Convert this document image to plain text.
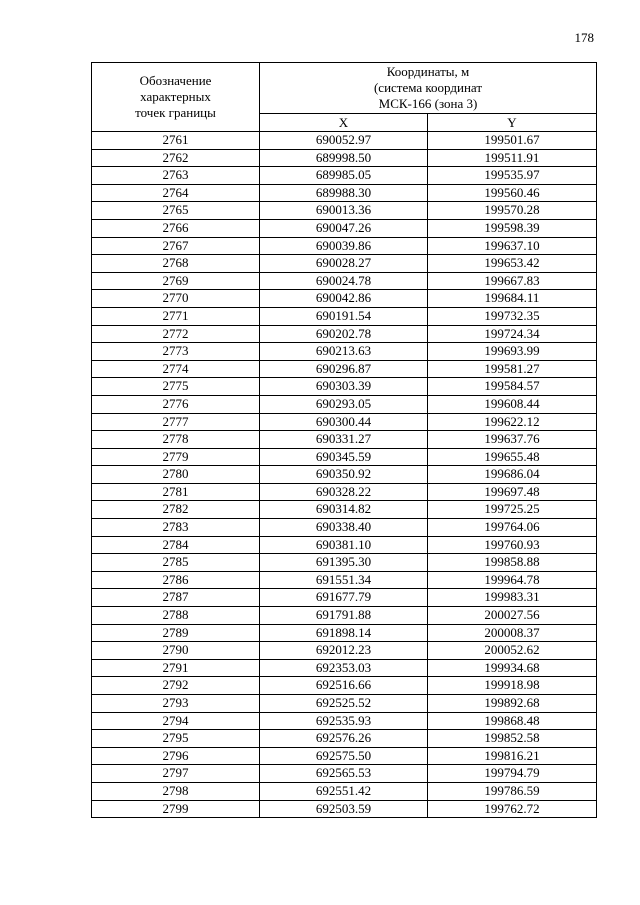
178
Обозначение
характерных
точек границы	Координаты, м
(система координат
МСК-166 (зона 3)	
	X	Y
2761	690052.97	199501.67
2762	689998.50	199511.91
2763	689985.05	199535.97
2764	689988.30	199560.46
2765	690013.36	199570.28
2766	690047.26	199598.39
2767	690039.86	199637.10
2768	690028.27	199653.42
2769	690024.78	199667.83
2770	690042.86	199684.11
2771	690191.54	199732.35
2772	690202.78	199724.34
2773	690213.63	199693.99
2774	690296.87	199581.27
2775	690303.39	199584.57
2776	690293.05	199608.44
2777	690300.44	199622.12
2778	690331.27	199637.76
2779	690345.59	199655.48
2780	690350.92	199686.04
2781	690328.22	199697.48
2782	690314.82	199725.25
2783	690338.40	199764.06
2784	690381.10	199760.93
2785	691395.30	199858.88
2786	691551.34	199964.78
2787	691677.79	199983.31
2788	691791.88	200027.56
2789	691898.14	200008.37
2790	692012.23	200052.62
2791	692353.03	199934.68
2792	692516.66	199918.98
2793	692525.52	199892.68
2794	692535.93	199868.48
2795	692576.26	199852.58
2796	692575.50	199816.21
2797	692565.53	199794.79
2798	692551.42	199786.59
2799	692503.59	199762.72
